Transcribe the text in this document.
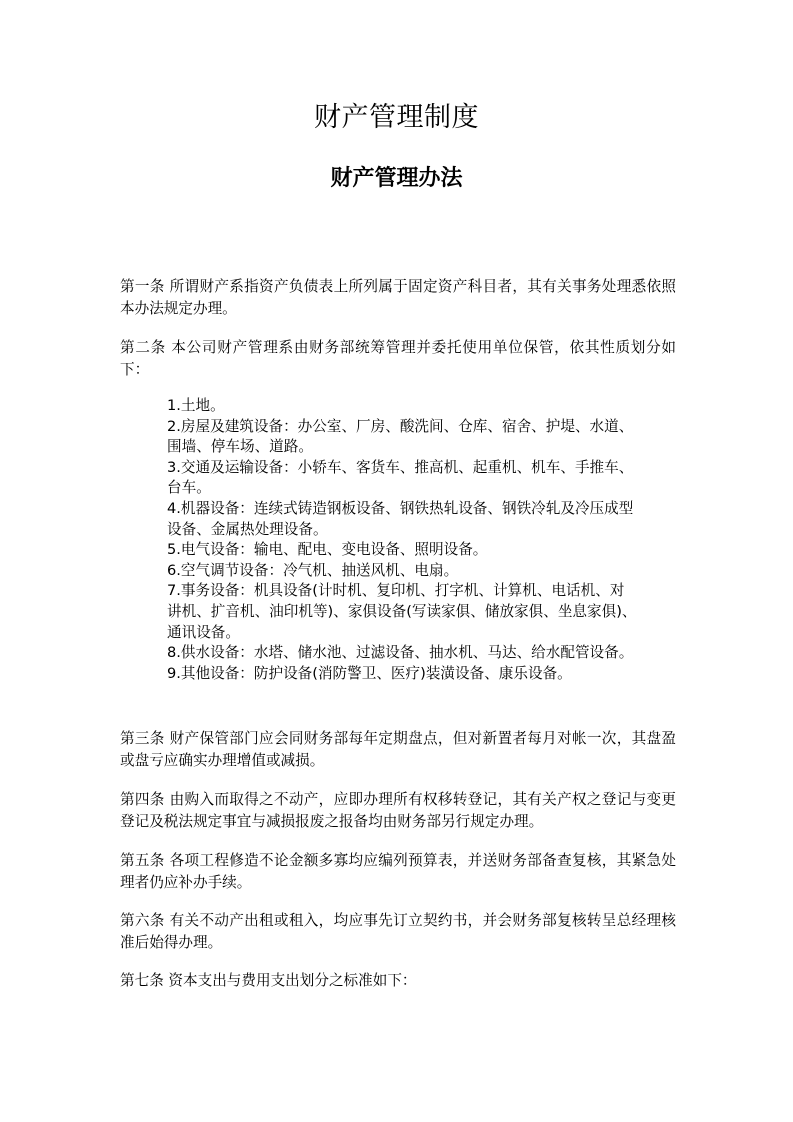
财产管理制度
财产管理办法

第一条 所谓财产系指资产负债表上所列属于固定资产科目者，其有关事务处理悉依照本办法规定办理。

第二条 本公司财产管理系由财务部统筹管理并委托使用单位保管，依其性质划分如下：

1.土地。
2.房屋及建筑设备：办公室、厂房、酸洗间、仓库、宿舍、护堤、水道、围墙、停车场、道路。
3.交通及运输设备：小轿车、客货车、推高机、起重机、机车、手推车、台车。
4.机器设备：连续式铸造钢板设备、钢铁热轧设备、钢铁冷轧及冷压成型设备、金属热处理设备。
5.电气设备：输电、配电、变电设备、照明设备。
6.空气调节设备：冷气机、抽送风机、电扇。
7.事务设备：机具设备(计时机、复印机、打字机、计算机、电话机、对讲机、扩音机、油印机等)、家俱设备(写读家俱、储放家俱、坐息家俱)、通讯设备。
8.供水设备：水塔、储水池、过滤设备、抽水机、马达、给水配管设备。
9.其他设备：防护设备(消防警卫、医疗)装潢设备、康乐设备。

第三条 财产保管部门应会同财务部每年定期盘点，但对新置者每月对帐一次，其盘盈或盘亏应确实办理增值或减损。

第四条 由购入而取得之不动产，应即办理所有权移转登记，其有关产权之登记与变更登记及税法规定事宜与减损报废之报备均由财务部另行规定办理。

第五条 各项工程修造不论金额多寡均应编列预算表，并送财务部备查复核，其紧急处理者仍应补办手续。

第六条 有关不动产出租或租入，均应事先订立契约书，并会财务部复核转呈总经理核准后始得办理。

第七条 资本支出与费用支出划分之标准如下：
